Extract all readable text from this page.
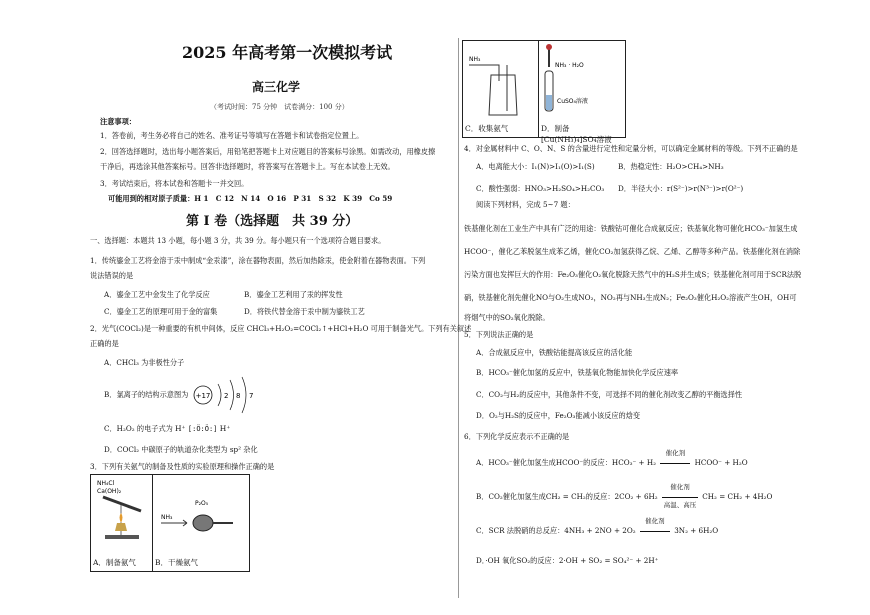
2025 年高考第一次模拟考试
高三化学
（考试时间：75 分钟　试卷满分：100 分）
注意事项：
1．答卷前，考生务必将自己的姓名、准考证号等填写在答题卡和试卷指定位置上。
2．回答选择题时，选出每小题答案后，用铅笔把答题卡上对应题目的答案标号涂黑。如需改动，用橡皮擦
干净后，再选涂其他答案标号。回答非选择题时，将答案写在答题卡上。写在本试卷上无效。
3．考试结束后，将本试卷和答题卡一并交回。
可能用到的相对原子质量：H 1　C 12　N 14　O 16　P 31　S 32　K 39　Co 59
第 I 卷（选择题　共 39 分）
一、选择题：本题共 13 小题，每小题 3 分，共 39 分。每小题只有一个选项符合题目要求。
1．传统鎏金工艺将金溶于汞中制成“金汞漆”，涂在器物表面，然后加热除汞，使金附着在器物表面。下列
说法错误的是
A．鎏金工艺中金发生了化学反应	B．鎏金工艺利用了汞的挥发性
C．鎏金工艺的原理可用于金的富集	D．将铁代替金溶于汞中制为鎏铁工艺
2．光气(COCl₂)是一种重要的有机中间体，反应 CHCl₃+H₂O₂=COCl₂↑+HCl+H₂O 可用于制备光气。下列有关叙述
正确的是
A．CHCl₃ 为非极性分子
B．氯离子的结构示意图为 +17 2 8 7
C．H₂O₂ 的电子式为 H⁺ [:Ö:Ö:] H⁺
D．COCl₂ 中碳原子的轨道杂化类型为 sp² 杂化
3．下列有关氨气的制备及性质的实验原理和操作正确的是
NH₄Cl
Ca(OH)₂
A．制备氨气
P₂O₅
NH₃
B．干燥氨气
NH₃
C．收集氨气
NH₃ · H₂O
CuSO₄溶液
D．制备[Cu(NH₃)₄]SO₄溶液
4．对金属材料中 C、O、N、S 的含量进行定性和定量分析，可以确定金属材料的等级。下列不正确的是
A．电离能大小：I₁(N)>I₁(O)>I₁(S)	B．热稳定性：H₂O>CH₄>NH₃
C．酸性强弱：HNO₃>H₂SO₄>H₂CO₃ D．半径大小：r(S²⁻)>r(N³⁻)>r(O²⁻)
阅读下列材料，完成 5~7 题：
铁基催化剂在工业生产中具有广泛的用途：铁酸钴可催化合成氨反应；铁基氧化物可催化HCO₃⁻加氢生成
HCOO⁻，催化乙苯脱氢生成苯乙烯，催化CO₂加氢获得乙烷、乙烯、乙醇等多种产品。铁基催化剂在消除
污染方面也发挥巨大的作用：Fe₂O₃催化O₂氧化脱除天然气中的H₂S并生成S；铁基催化剂可用于SCR法脱
硝，铁基催化剂先催化NO与O₂生成NO₂，NO₂再与NH₃生成N₂；Fe₂O₃催化H₂O₂溶液产生OH，OH可
将烟气中的SO₂氧化脱除。
5．下列说法正确的是
A．合成氨反应中，铁酸钴能提高该反应的活化能
B．HCO₃⁻催化加氢的反应中，铁基氧化物能加快化学反应速率
C．CO₂与H₂的反应中，其他条件不变，可选择不同的催化剂改变乙醇的平衡选择性
D．O₂与H₂S的反应中，Fe₂O₃能减小该反应的焓变
6．下列化学反应表示不正确的是
A．HCO₃⁻催化加氢生成HCOO⁻的反应：HCO₃⁻ + H₂
催化剂
HCOO⁻ + H₂O
B．CO₂催化加氢生成CH₂ = CH₂的反应：2CO₂ + 6H₂
催化剂
高温、高压
CH₂ = CH₂ + 4H₂O
C．SCR 法脱硝的总反应：4NH₃ + 2NO + 2O₂
催化剂
3N₂ + 6H₂O
D．·OH 氧化SO₂的反应：2·OH + SO₂ = SO₄²⁻ + 2H⁺
